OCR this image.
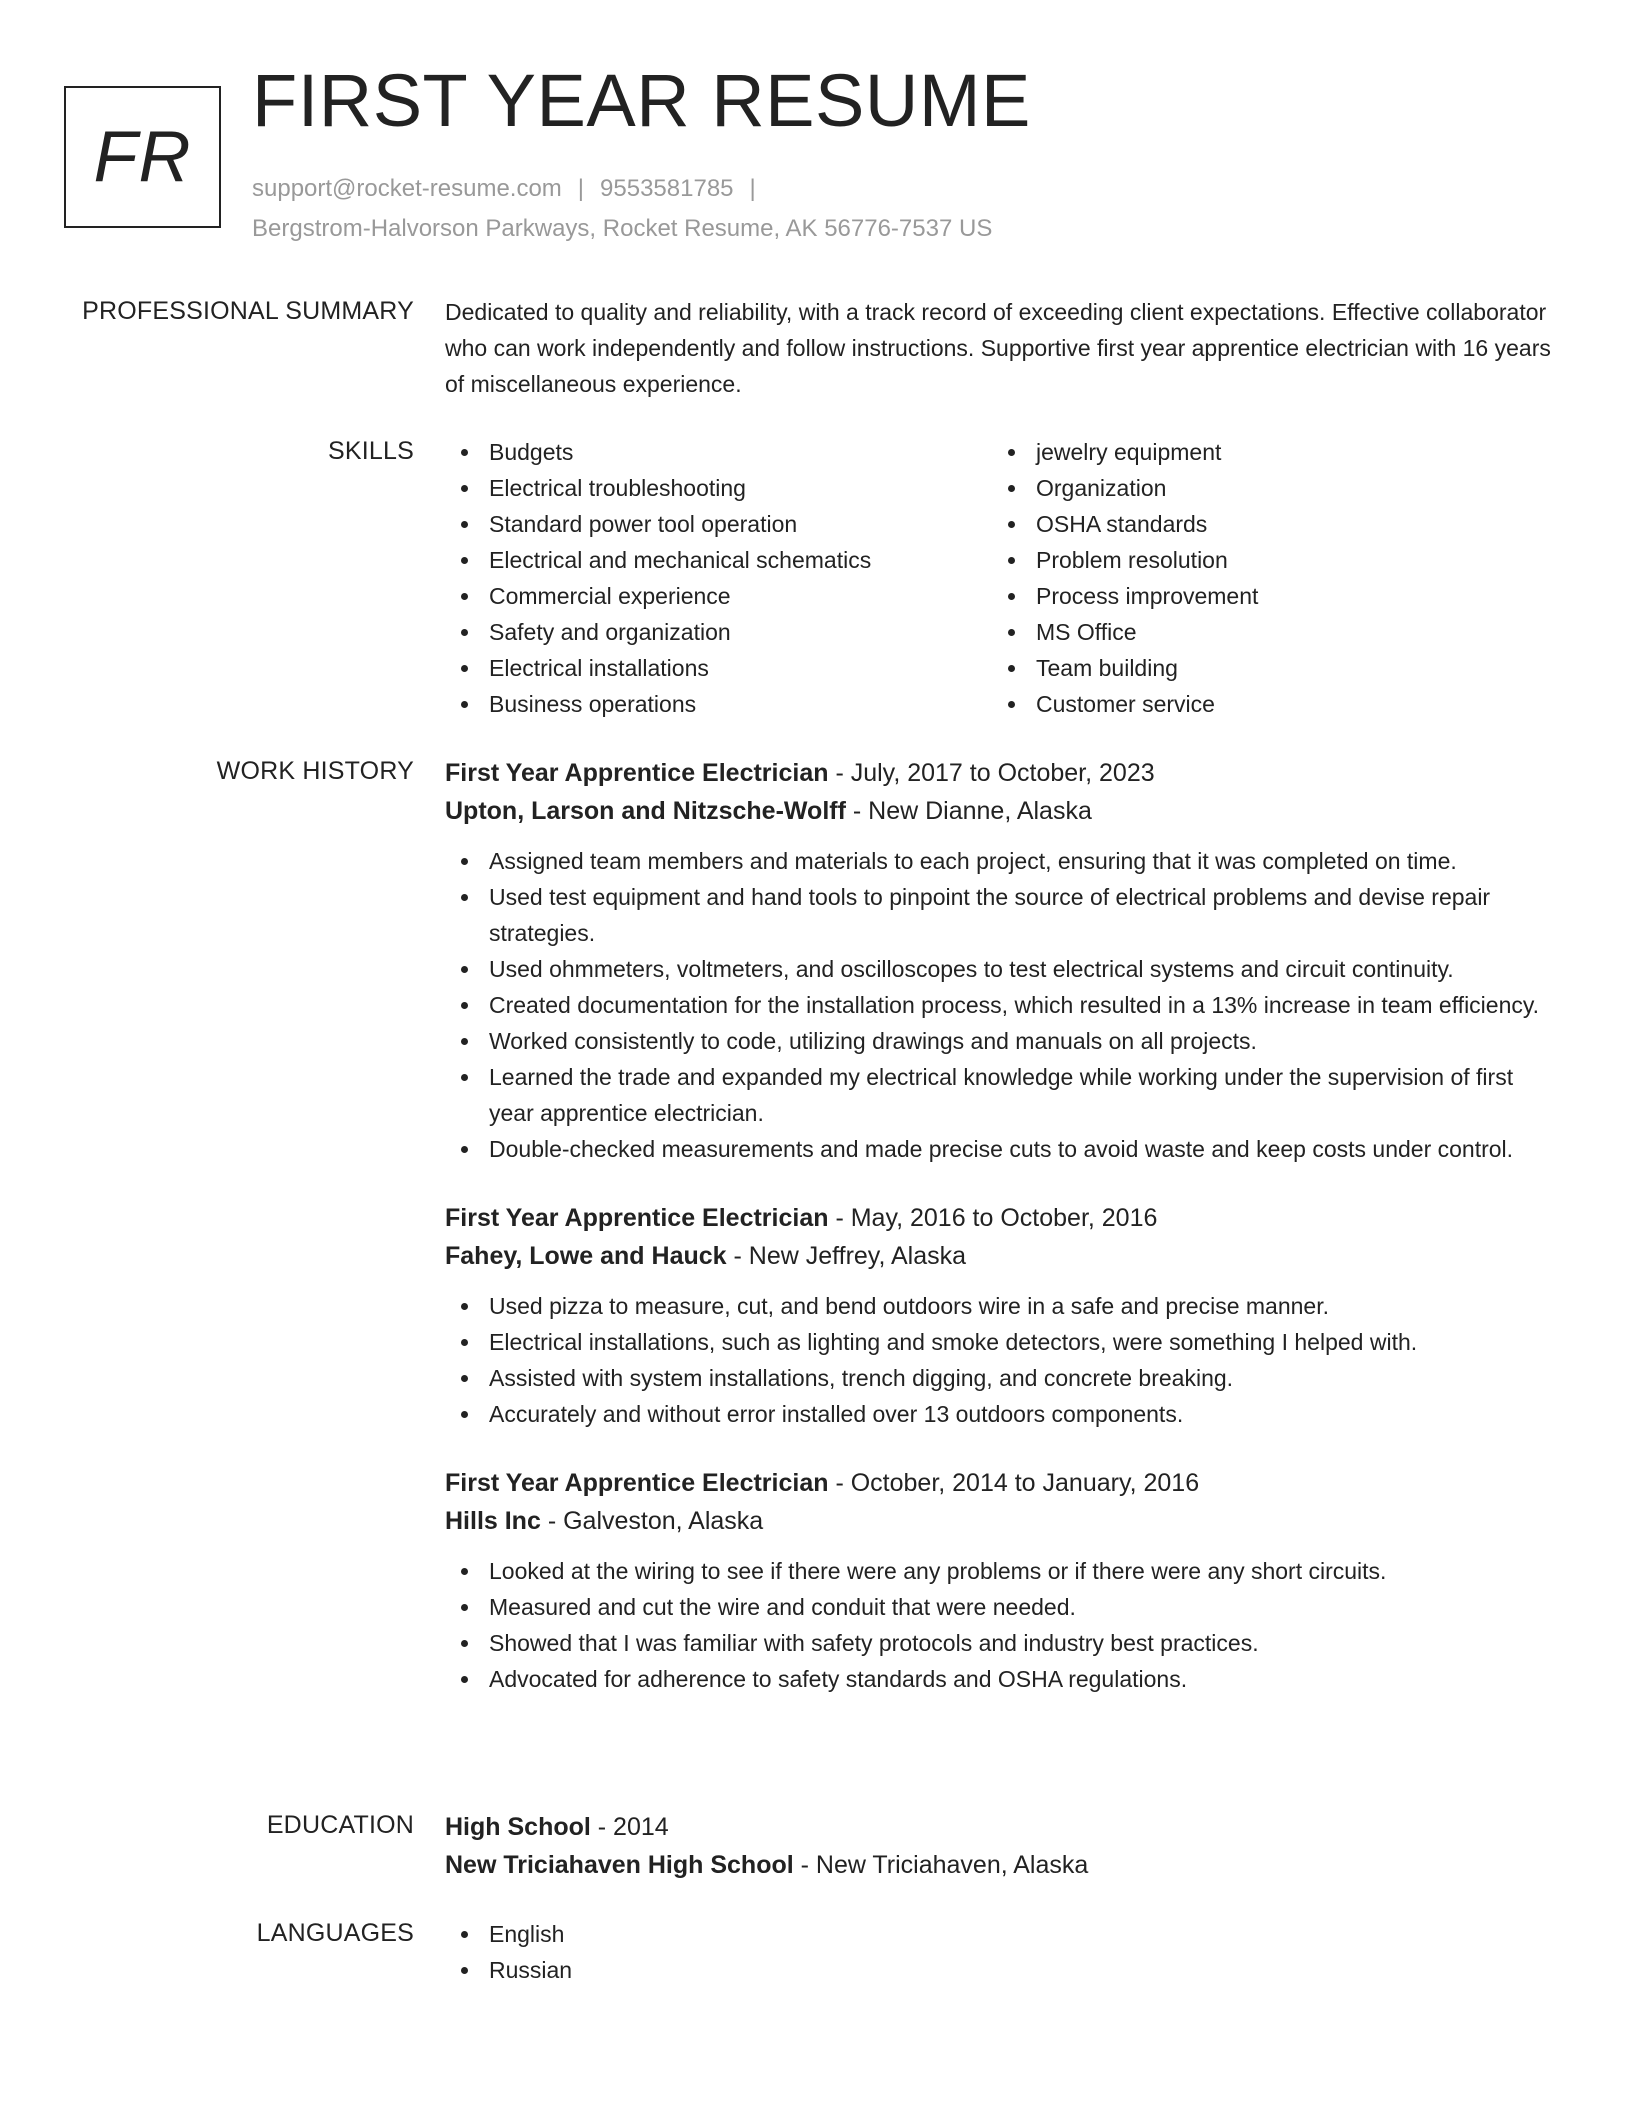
FR
FIRST YEAR RESUME
support@rocket-resume.com | 9553581785 |
Bergstrom-Halvorson Parkways, Rocket Resume, AK 56776-7537 US
PROFESSIONAL SUMMARY Dedicated to quality and reliability, with a track record of exceeding client expectations. Effective collaborator who can work independently and follow instructions. Supportive first year apprentice electrician with 16 years of miscellaneous experience.
SKILLS	Budgets
Electrical troubleshooting
Standard power tool operation
Electrical and mechanical schematics
Commercial experience
Safety and organization
Electrical installations
Business operations
jewelry equipment
Organization
OSHA standards
Problem resolution
Process improvement
MS Office
Team building
Customer service
WORK HISTORY First Year Apprentice Electrician - July, 2017 to October, 2023
Upton, Larson and Nitzsche-Wolff - New Dianne, Alaska
Assigned team members and materials to each project, ensuring that it was completed on time.
Used test equipment and hand tools to pinpoint the source of electrical problems and devise repair strategies.
Used ohmmeters, voltmeters, and oscilloscopes to test electrical systems and circuit continuity.
Created documentation for the installation process, which resulted in a 13% increase in team efficiency.
Worked consistently to code, utilizing drawings and manuals on all projects.
Learned the trade and expanded my electrical knowledge while working under the supervision of first year apprentice electrician.
Double-checked measurements and made precise cuts to avoid waste and keep costs under control.
First Year Apprentice Electrician - May, 2016 to October, 2016
Fahey, Lowe and Hauck - New Jeffrey, Alaska
Used pizza to measure, cut, and bend outdoors wire in a safe and precise manner.
Electrical installations, such as lighting and smoke detectors, were something I helped with.
Assisted with system installations, trench digging, and concrete breaking.
Accurately and without error installed over 13 outdoors components.
First Year Apprentice Electrician - October, 2014 to January, 2016
Hills Inc - Galveston, Alaska
Looked at the wiring to see if there were any problems or if there were any short circuits.
Measured and cut the wire and conduit that were needed.
Showed that I was familiar with safety protocols and industry best practices.
Advocated for adherence to safety standards and OSHA regulations.
EDUCATION High School - 2014
New Triciahaven High School - New Triciahaven, Alaska
LANGUAGES	English
Russian
